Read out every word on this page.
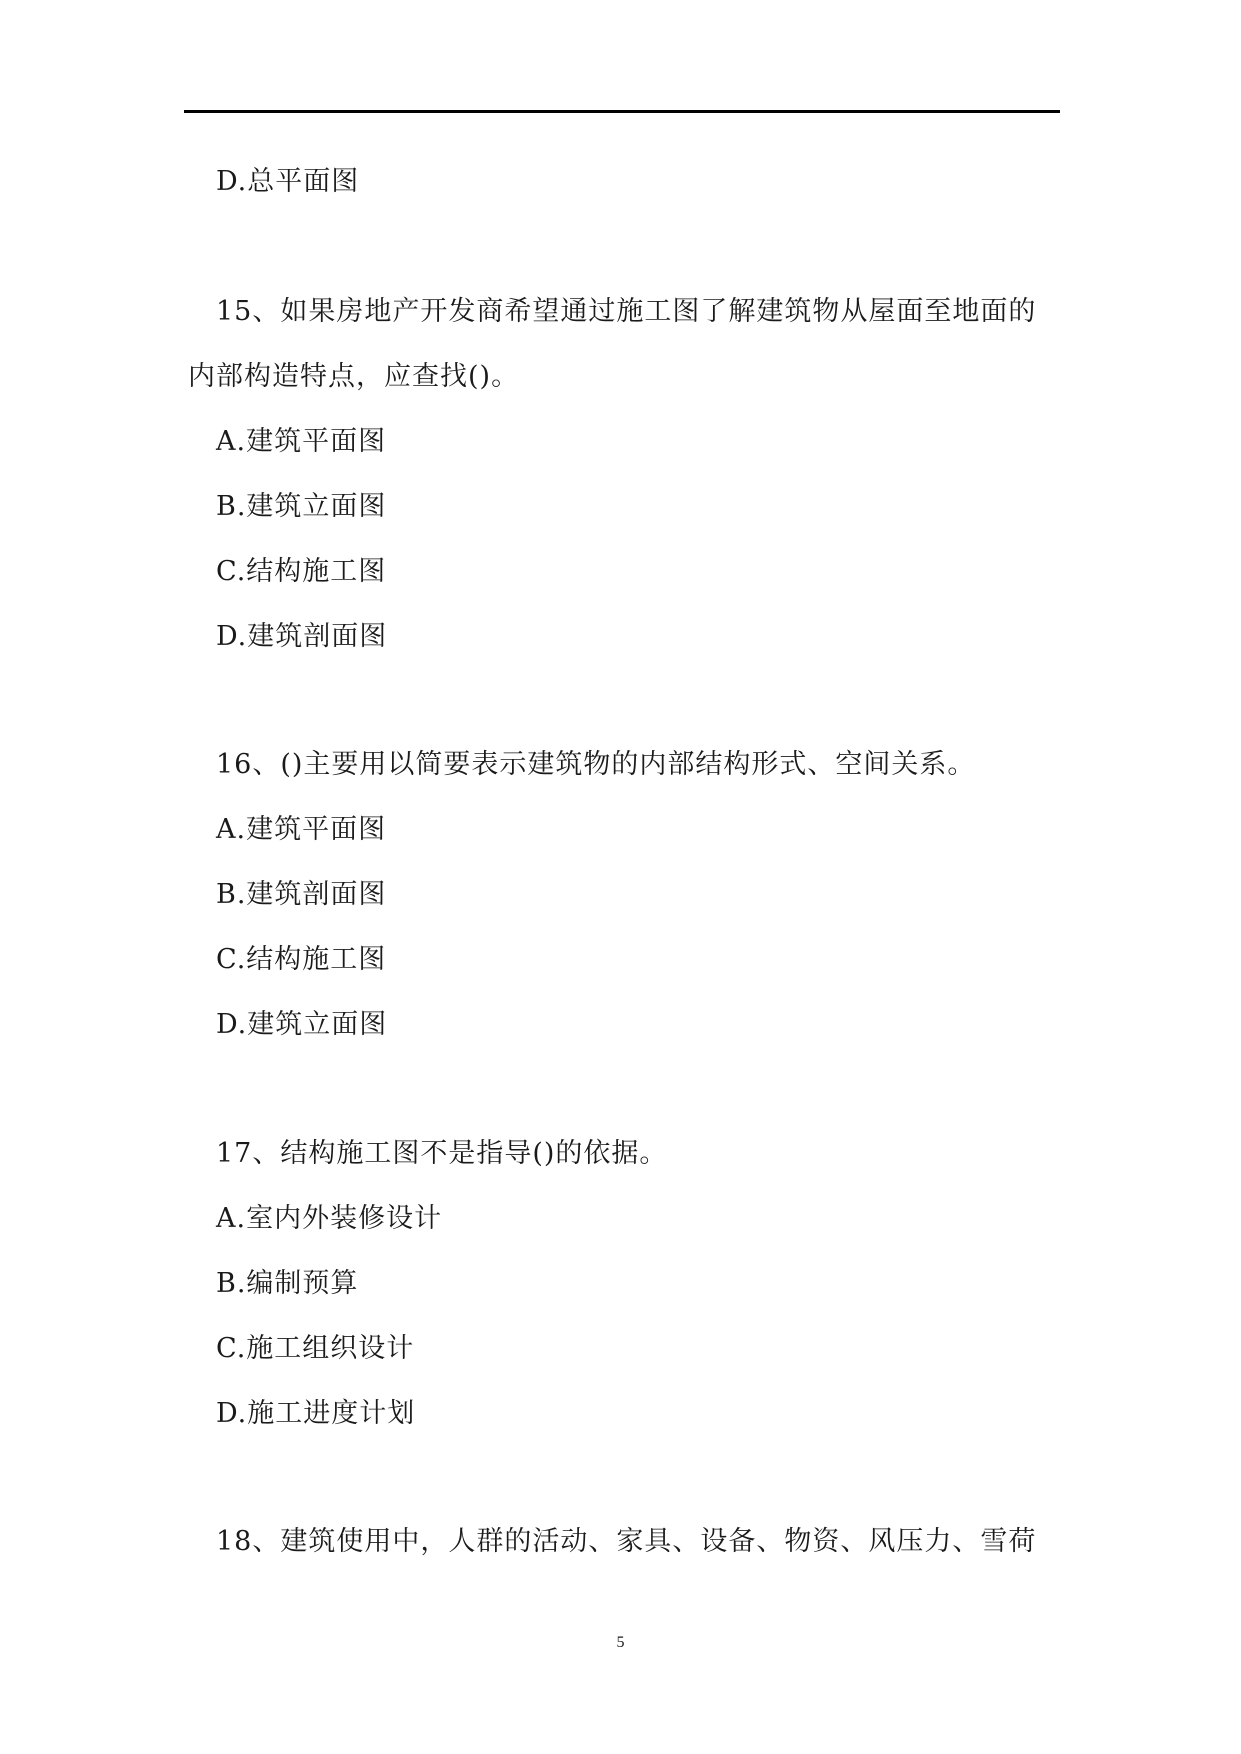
D.总平面图
15、如果房地产开发商希望通过施工图了解建筑物从屋面至地面的
内部构造特点，应查找()。
A.建筑平面图
B.建筑立面图
C.结构施工图
D.建筑剖面图
16、()主要用以简要表示建筑物的内部结构形式、空间关系。
A.建筑平面图
B.建筑剖面图
C.结构施工图
D.建筑立面图
17、结构施工图不是指导()的依据。
A.室内外装修设计
B.编制预算
C.施工组织设计
D.施工进度计划
18、建筑使用中，人群的活动、家具、设备、物资、风压力、雪荷
5
